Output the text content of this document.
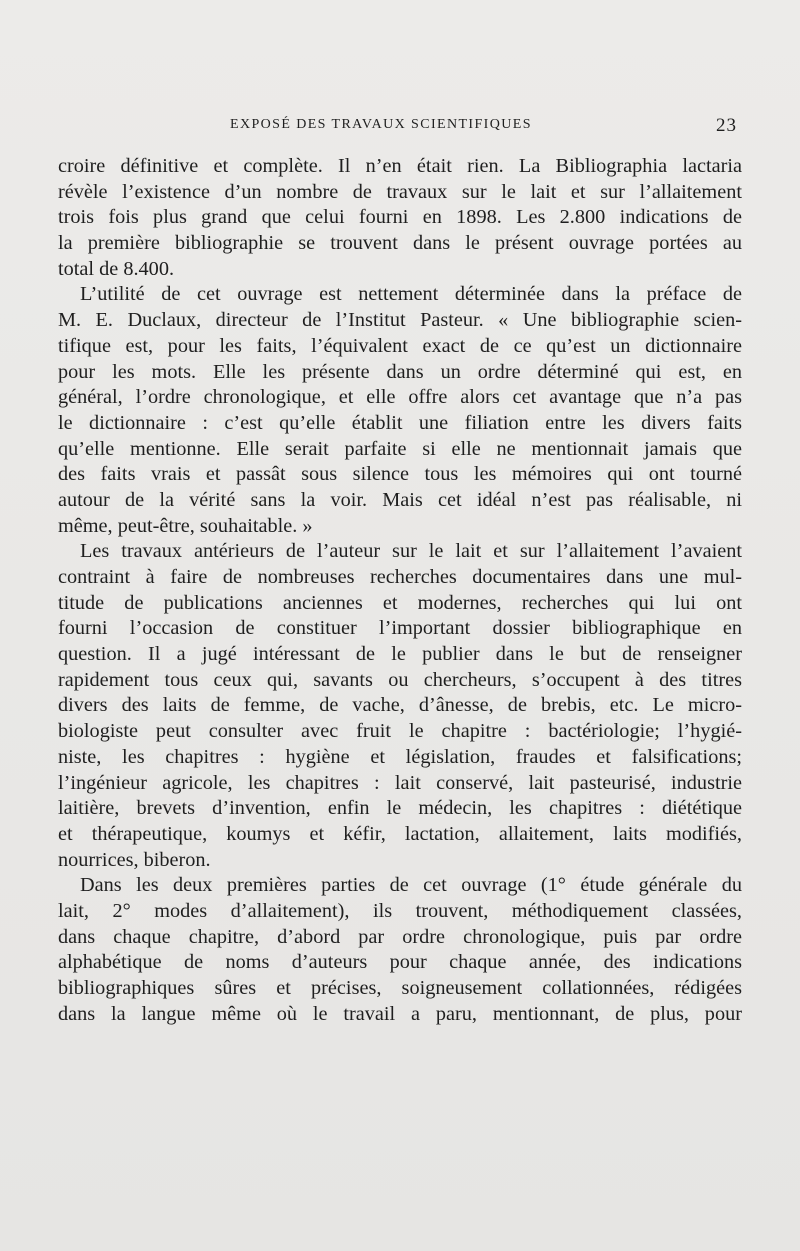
EXPOSÉ DES TRAVAUX SCIENTIFIQUES	23
croire définitive et complète. Il n’en était rien. La Bibliographia lactaria
révèle l’existence d’un nombre de travaux sur le lait et sur l’allaitement
trois fois plus grand que celui fourni en 1898. Les 2.800 indications de
la première bibliographie se trouvent dans le présent ouvrage portées au
total de 8.400.
L’utilité de cet ouvrage est nettement déterminée dans la préface de
M. E. Duclaux, directeur de l’Institut Pasteur. « Une bibliographie scien-
tifique est, pour les faits, l’équivalent exact de ce qu’est un dictionnaire
pour les mots. Elle les présente dans un ordre déterminé qui est, en
général, l’ordre chronologique, et elle offre alors cet avantage que n’a pas
le dictionnaire : c’est qu’elle établit une filiation entre les divers faits
qu’elle mentionne. Elle serait parfaite si elle ne mentionnait jamais que
des faits vrais et passât sous silence tous les mémoires qui ont tourné
autour de la vérité sans la voir. Mais cet idéal n’est pas réalisable, ni
même, peut-être, souhaitable. »
Les travaux antérieurs de l’auteur sur le lait et sur l’allaitement l’avaient
contraint à faire de nombreuses recherches documentaires dans une mul-
titude de publications anciennes et modernes, recherches qui lui ont
fourni l’occasion de constituer l’important dossier bibliographique en
question. Il a jugé intéressant de le publier dans le but de renseigner
rapidement tous ceux qui, savants ou chercheurs, s’occupent à des titres
divers des laits de femme, de vache, d’ânesse, de brebis, etc. Le micro-
biologiste peut consulter avec fruit le chapitre : bactériologie; l’hygié-
niste, les chapitres : hygiène et législation, fraudes et falsifications;
l’ingénieur agricole, les chapitres : lait conservé, lait pasteurisé, industrie
laitière, brevets d’invention, enfin le médecin, les chapitres : diététique
et thérapeutique, koumys et kéfir, lactation, allaitement, laits modifiés,
nourrices, biberon.
Dans les deux premières parties de cet ouvrage (1° étude générale du
lait, 2° modes d’allaitement), ils trouvent, méthodiquement classées,
dans chaque chapitre, d’abord par ordre chronologique, puis par ordre
alphabétique de noms d’auteurs pour chaque année, des indications
bibliographiques sûres et précises, soigneusement collationnées, rédigées
dans la langue même où le travail a paru, mentionnant, de plus, pour
